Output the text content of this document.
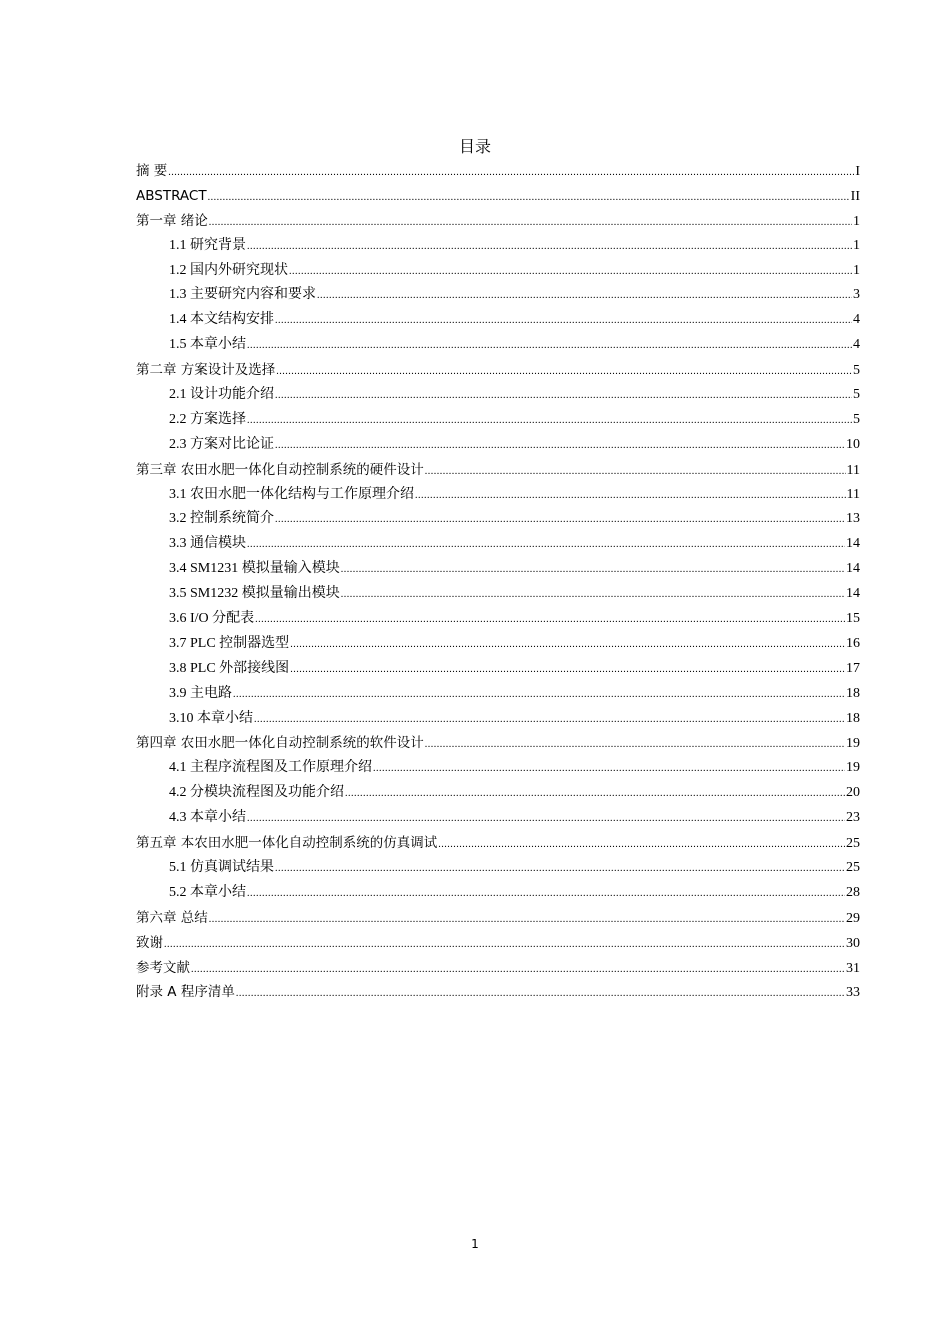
目录
摘 要 .....	I
ABSTRACT .....	II
第一章 绪论 .....	1
1.1 研究背景 .....	1
1.2 国内外研究现状 .....	1
1.3 主要研究内容和要求 .....	3
1.4 本文结构安排 .....	4
1.5 本章小结 .....	4
第二章 方案设计及选择 .....	5
2.1 设计功能介绍 .....	5
2.2 方案选择 .....	5
2.3 方案对比论证 .....	10
第三章 农田水肥一体化自动控制系统的硬件设计 .....	11
3.1 农田水肥一体化结构与工作原理介绍 .....	11
3.2 控制系统简介 .....	13
3.3 通信模块 .....	14
3.4 SM1231 模拟量输入模块 .....	14
3.5 SM1232 模拟量输出模块 .....	14
3.6 I/O 分配表 .....	15
3.7 PLC 控制器选型 .....	16
3.8 PLC 外部接线图 .....	17
3.9 主电路 .....	18
3.10 本章小结 .....	18
第四章 农田水肥一体化自动控制系统的软件设计 .....	19
4.1 主程序流程图及工作原理介绍 .....	19
4.2 分模块流程图及功能介绍 .....	20
4.3 本章小结 .....	23
第五章 本农田水肥一体化自动控制系统的仿真调试 .....	25
5.1 仿真调试结果 .....	25
5.2 本章小结 .....	28
第六章 总结 .....	29
致谢 .....	30
参考文献 .....	31
附录 A 程序清单 .....	33
1
